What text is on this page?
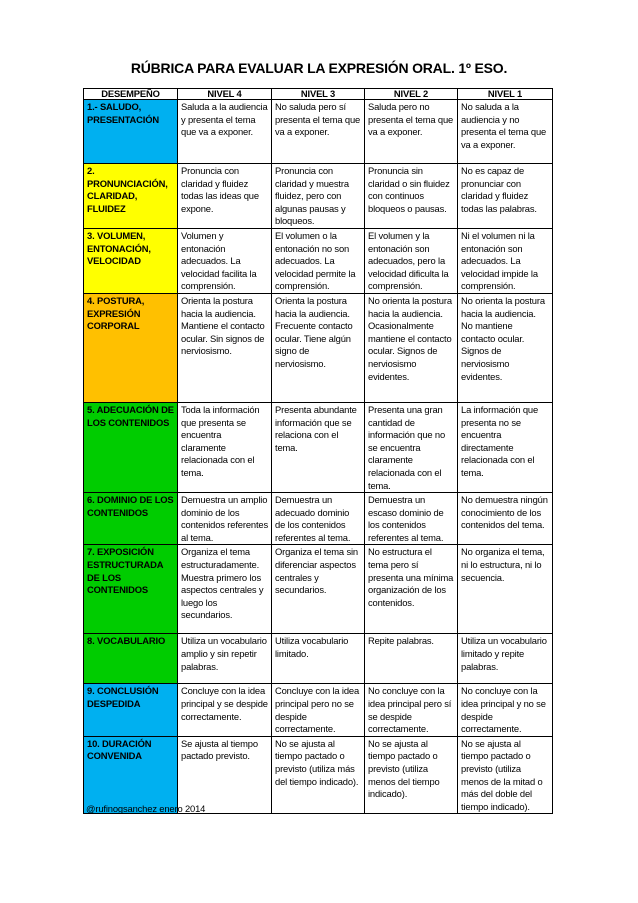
RÚBRICA PARA EVALUAR LA EXPRESIÓN ORAL. 1º ESO.
DESEMPEÑO	NIVEL 4	NIVEL 3	NIVEL 2	NIVEL 1
1.- SALUDO, PRESENTACIÓN	Saluda a la audiencia y presenta el tema que va a exponer.	No saluda pero sí presenta el tema que va a exponer.	Saluda pero no presenta el tema que va a exponer.	No saluda a la audiencia y no presenta el tema que va a exponer.
2. PRONUNCIACIÓN, CLARIDAD, FLUIDEZ	Pronuncia con claridad y fluidez todas las ideas que expone.	Pronuncia con claridad y muestra fluidez, pero con algunas pausas y bloqueos.	Pronuncia sin claridad o sin fluidez con continuos bloqueos o pausas.	No es capaz de pronunciar con claridad y fluidez todas las palabras.
3. VOLUMEN, ENTONACIÓN, VELOCIDAD	Volumen y entonación adecuados. La velocidad facilita la comprensión.	El volumen o la entonación no son adecuados. La velocidad permite la comprensión.	El volumen y la entonación son adecuados, pero la velocidad dificulta la comprensión.	Ni el volumen ni la entonación son adecuados. La velocidad impide la comprensión.
4. POSTURA, EXPRESIÓN CORPORAL	Orienta la postura hacia la audiencia. Mantiene el contacto ocular. Sin signos de nerviosismo.	Orienta la postura hacia la audiencia. Frecuente contacto ocular. Tiene algún signo de nerviosismo.	No orienta la postura hacia la audiencia. Ocasionalmente mantiene el contacto ocular. Signos de nerviosismo evidentes.	No orienta la postura hacia la audiencia. No mantiene contacto ocular. Signos de nerviosismo evidentes.
5. ADECUACIÓN DE LOS CONTENIDOS	Toda la información que presenta se encuentra claramente relacionada con el tema.	Presenta abundante información que se relaciona con el tema.	Presenta una gran cantidad de información que no se encuentra claramente relacionada con el tema.	La información que presenta no se encuentra directamente relacionada con el tema.
6. DOMINIO DE LOS CONTENIDOS	Demuestra un amplio dominio de los contenidos referentes al tema.	Demuestra un adecuado dominio de los contenidos referentes al tema.	Demuestra un escaso dominio de los contenidos referentes al tema.	No demuestra ningún conocimiento de los contenidos del tema.
7. EXPOSICIÓN ESTRUCTURADA DE LOS CONTENIDOS	Organiza el tema estructuradamente. Muestra primero los aspectos centrales y luego los secundarios.	Organiza el tema sin diferenciar aspectos centrales y secundarios.	No estructura el tema pero sí presenta una mínima organización de los contenidos.	No organiza el tema, ni lo estructura, ni lo secuencia.
8. VOCABULARIO	Utiliza un vocabulario amplio y sin repetir palabras.	Utiliza vocabulario limitado.	Repite palabras.	Utiliza un vocabulario limitado y repite palabras.
9. CONCLUSIÓN DESPEDIDA	Concluye con la idea principal y se despide correctamente.	Concluye con la idea principal pero no se despide correctamente.	No concluye con la idea principal pero sí se despide correctamente.	No concluye con la idea principal y no se despide correctamente.
10. DURACIÓN CONVENIDA	Se ajusta al tiempo pactado previsto.	No se ajusta al tiempo pactado o previsto (utiliza más del tiempo indicado).	No se ajusta al tiempo pactado o previsto (utiliza menos del tiempo indicado).	No se ajusta al tiempo pactado o previsto (utiliza menos de la mitad o más del doble del tiempo indicado).
@rufinogsanchez enero 2014
